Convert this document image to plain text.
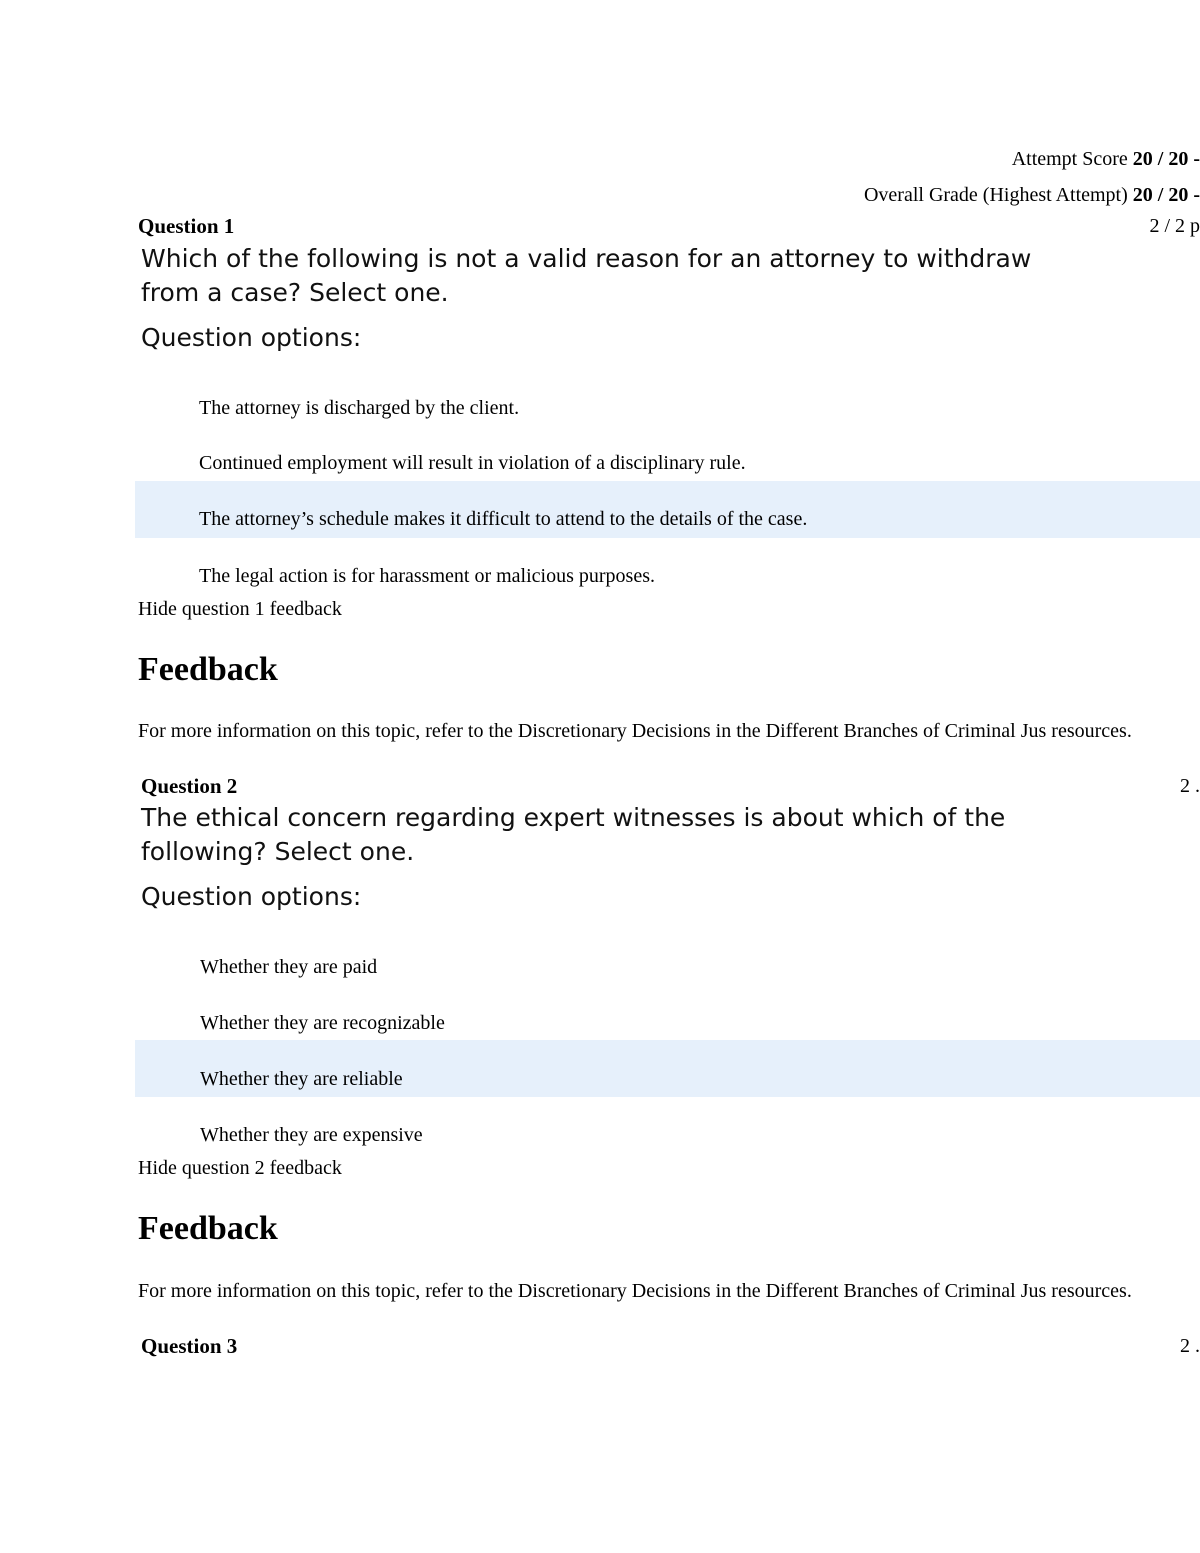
Attempt Score 20 / 20 -
Overall Grade (Highest Attempt) 20 / 20 -
Question 1	2 / 2 p
Which of the following is not a valid reason for an attorney to withdraw from a case? Select one.
Question options:
The attorney is discharged by the client.
Continued employment will result in violation of a disciplinary rule.
The attorney’s schedule makes it difficult to attend to the details of the case.
The legal action is for harassment or malicious purposes.
Hide question 1 feedback
Feedback
For more information on this topic, refer to the Discretionary Decisions in the Different Branches of Criminal Jus resources.
Question 2	2 .
The ethical concern regarding expert witnesses is about which of the following? Select one.
Question options:
Whether they are paid
Whether they are recognizable
Whether they are reliable
Whether they are expensive
Hide question 2 feedback
Feedback
For more information on this topic, refer to the Discretionary Decisions in the Different Branches of Criminal Jus resources.
Question 3	2 .
